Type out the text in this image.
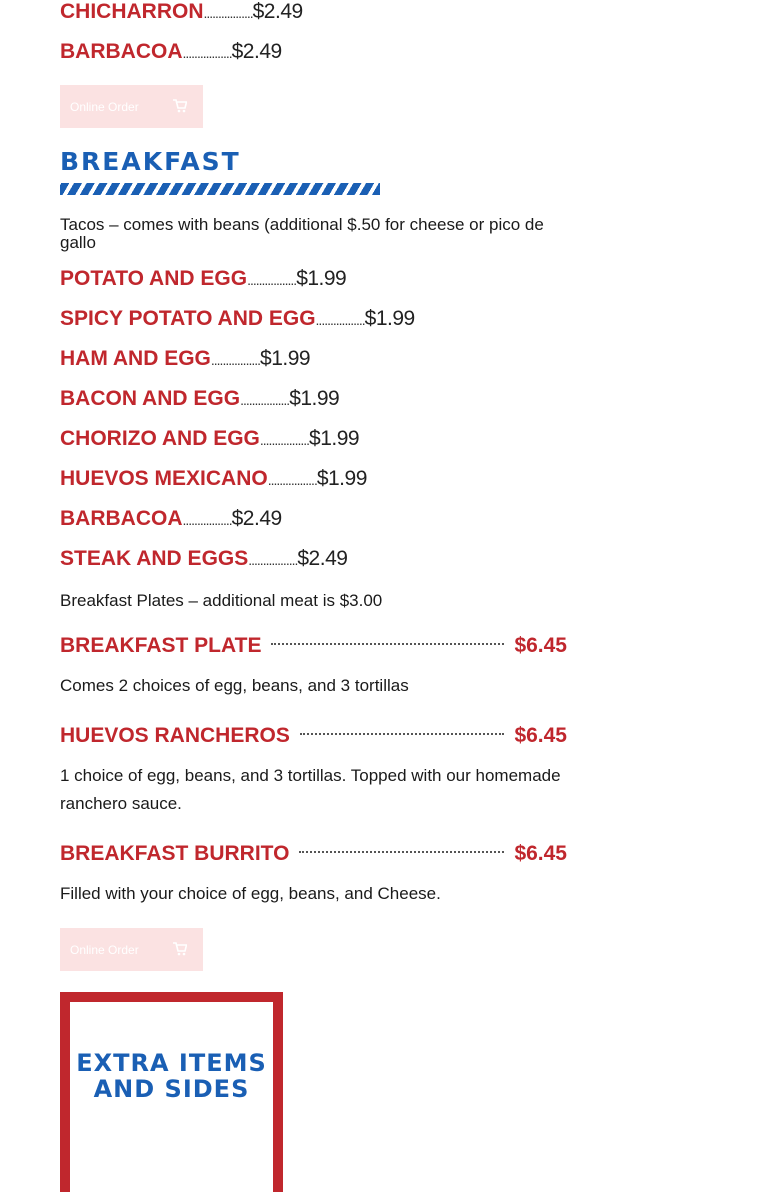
CHICHARRON ................. $2.49
BARBACOA ................. $2.49
Online Order
BREAKFAST
Tacos – comes with beans (additional $.50 for cheese or pico de gallo
POTATO AND EGG ................. $1.99
SPICY POTATO AND EGG ................. $1.99
HAM AND EGG ................. $1.99
BACON AND EGG ................. $1.99
CHORIZO AND EGG ................. $1.99
HUEVOS MEXICANO ................. $1.99
BARBACOA ................. $2.49
STEAK AND EGGS ................. $2.49
Breakfast Plates – additional meat is $3.00
BREAKFAST PLATE	$6.45
Comes 2 choices of egg, beans, and 3 tortillas
HUEVOS RANCHEROS	$6.45
1 choice of egg, beans, and 3 tortillas. Topped with our homemade ranchero sauce.
BREAKFAST BURRITO	$6.45
Filled with your choice of egg, beans, and Cheese.
Online Order
EXTRA ITEMS AND SIDES
